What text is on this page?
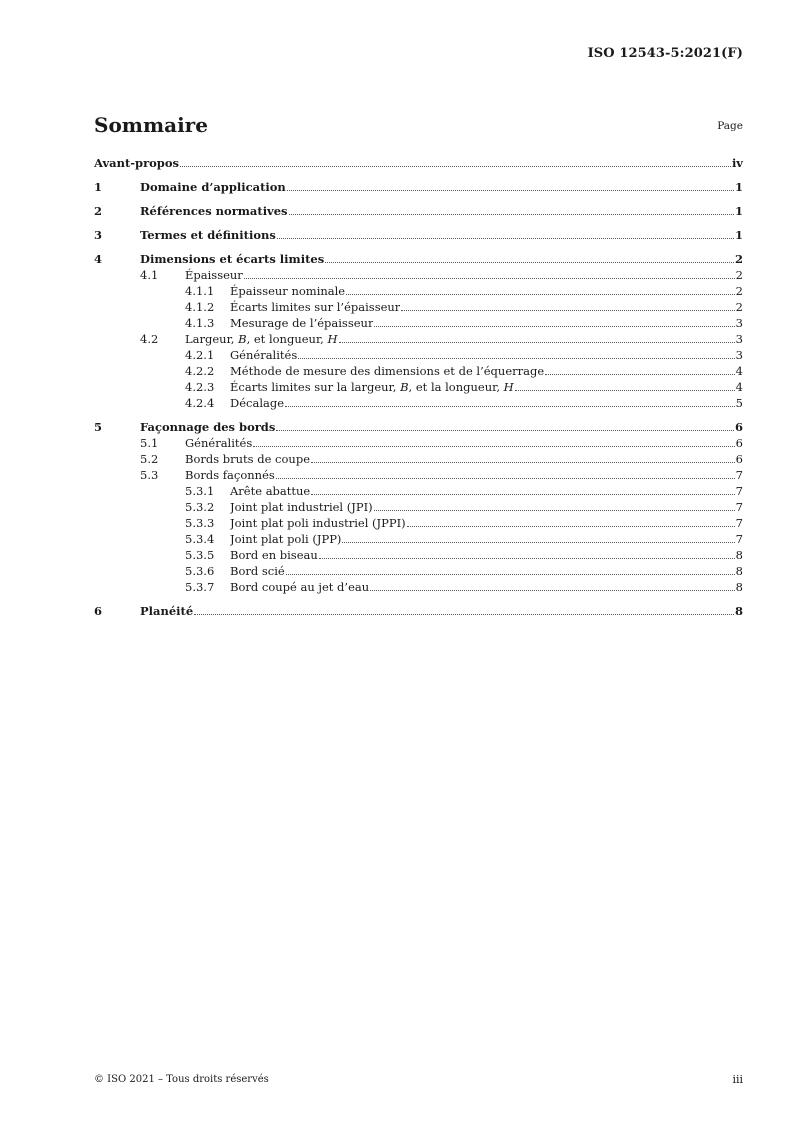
ISO 12543-5:2021(F)
Sommaire	Page
Avant-propos	iv
1	Domaine d’application	1
2	Références normatives	1
3	Termes et définitions	1
4	Dimensions et écarts limites	2
4.1	Épaisseur	2
4.1.1	Épaisseur nominale	2
4.1.2	Écarts limites sur l’épaisseur	2
4.1.3	Mesurage de l’épaisseur	3
4.2	Largeur, B, et longueur, H	3
4.2.1	Généralités	3
4.2.2	Méthode de mesure des dimensions et de l’équerrage	4
4.2.3	Écarts limites sur la largeur, B, et la longueur, H	4
4.2.4	Décalage	5
5	Façonnage des bords	6
5.1	Généralités	6
5.2	Bords bruts de coupe	6
5.3	Bords façonnés	7
5.3.1	Arête abattue	7
5.3.2	Joint plat industriel (JPI)	7
5.3.3	Joint plat poli industriel (JPPI)	7
5.3.4	Joint plat poli (JPP)	7
5.3.5	Bord en biseau	8
5.3.6	Bord scié	8
5.3.7	Bord coupé au jet d’eau	8
6	Planéité	8
© ISO 2021 – Tous droits réservés	iii
